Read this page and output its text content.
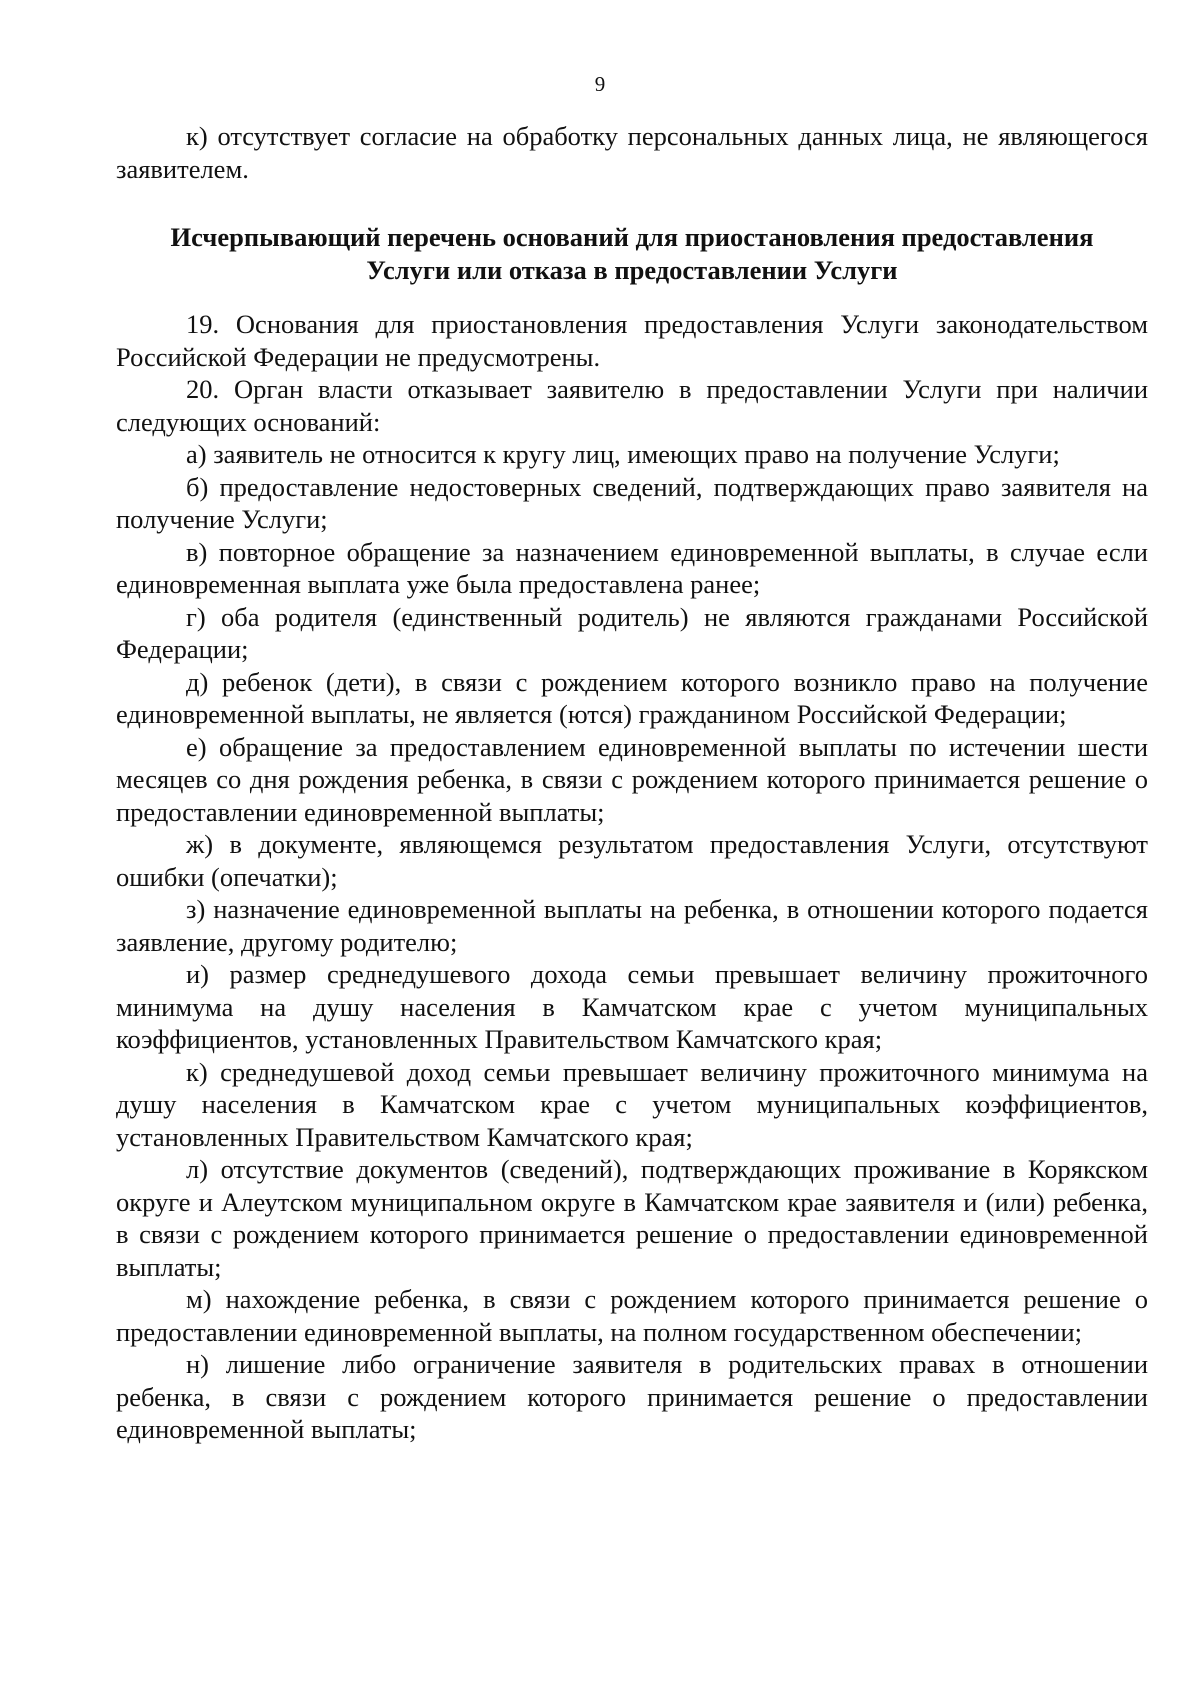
9

к) отсутствует согласие на обработку персональных данных лица, не являющегося заявителем.

Исчерпывающий перечень оснований для приостановления предоставления
Услуги или отказа в предоставлении Услуги

19. Основания для приостановления предоставления Услуги законодательством Российской Федерации не предусмотрены.

20. Орган власти отказывает заявителю в предоставлении Услуги при наличии следующих оснований:

а) заявитель не относится к кругу лиц, имеющих право на получение Услуги;

б) предоставление недостоверных сведений, подтверждающих право заявителя на получение Услуги;

в) повторное обращение за назначением единовременной выплаты, в случае если единовременная выплата уже была предоставлена ранее;

г) оба родителя (единственный родитель) не являются гражданами Российской Федерации;

д) ребенок (дети), в связи с рождением которого возникло право на получение единовременной выплаты, не является (ются) гражданином Российской Федерации;

е) обращение за предоставлением единовременной выплаты по истечении шести месяцев со дня рождения ребенка, в связи с рождением которого принимается решение о предоставлении единовременной выплаты;

ж) в документе, являющемся результатом предоставления Услуги, отсутствуют ошибки (опечатки);

з) назначение единовременной выплаты на ребенка, в отношении которого подается заявление, другому родителю;

и) размер среднедушевого дохода семьи превышает величину прожиточного минимума на душу населения в Камчатском крае с учетом муниципальных коэффициентов, установленных Правительством Камчатского края;

к) среднедушевой доход семьи превышает величину прожиточного минимума на душу населения в Камчатском крае с учетом муниципальных коэффициентов, установленных Правительством Камчатского края;

л) отсутствие документов (сведений), подтверждающих проживание в Корякском округе и Алеутском муниципальном округе в Камчатском крае заявителя и (или) ребенка, в связи с рождением которого принимается решение о предоставлении единовременной выплаты;

м) нахождение ребенка, в связи с рождением которого принимается решение о предоставлении единовременной выплаты, на полном государственном обеспечении;

н) лишение либо ограничение заявителя в родительских правах в отношении ребенка, в связи с рождением которого принимается решение о предоставлении единовременной выплаты;
